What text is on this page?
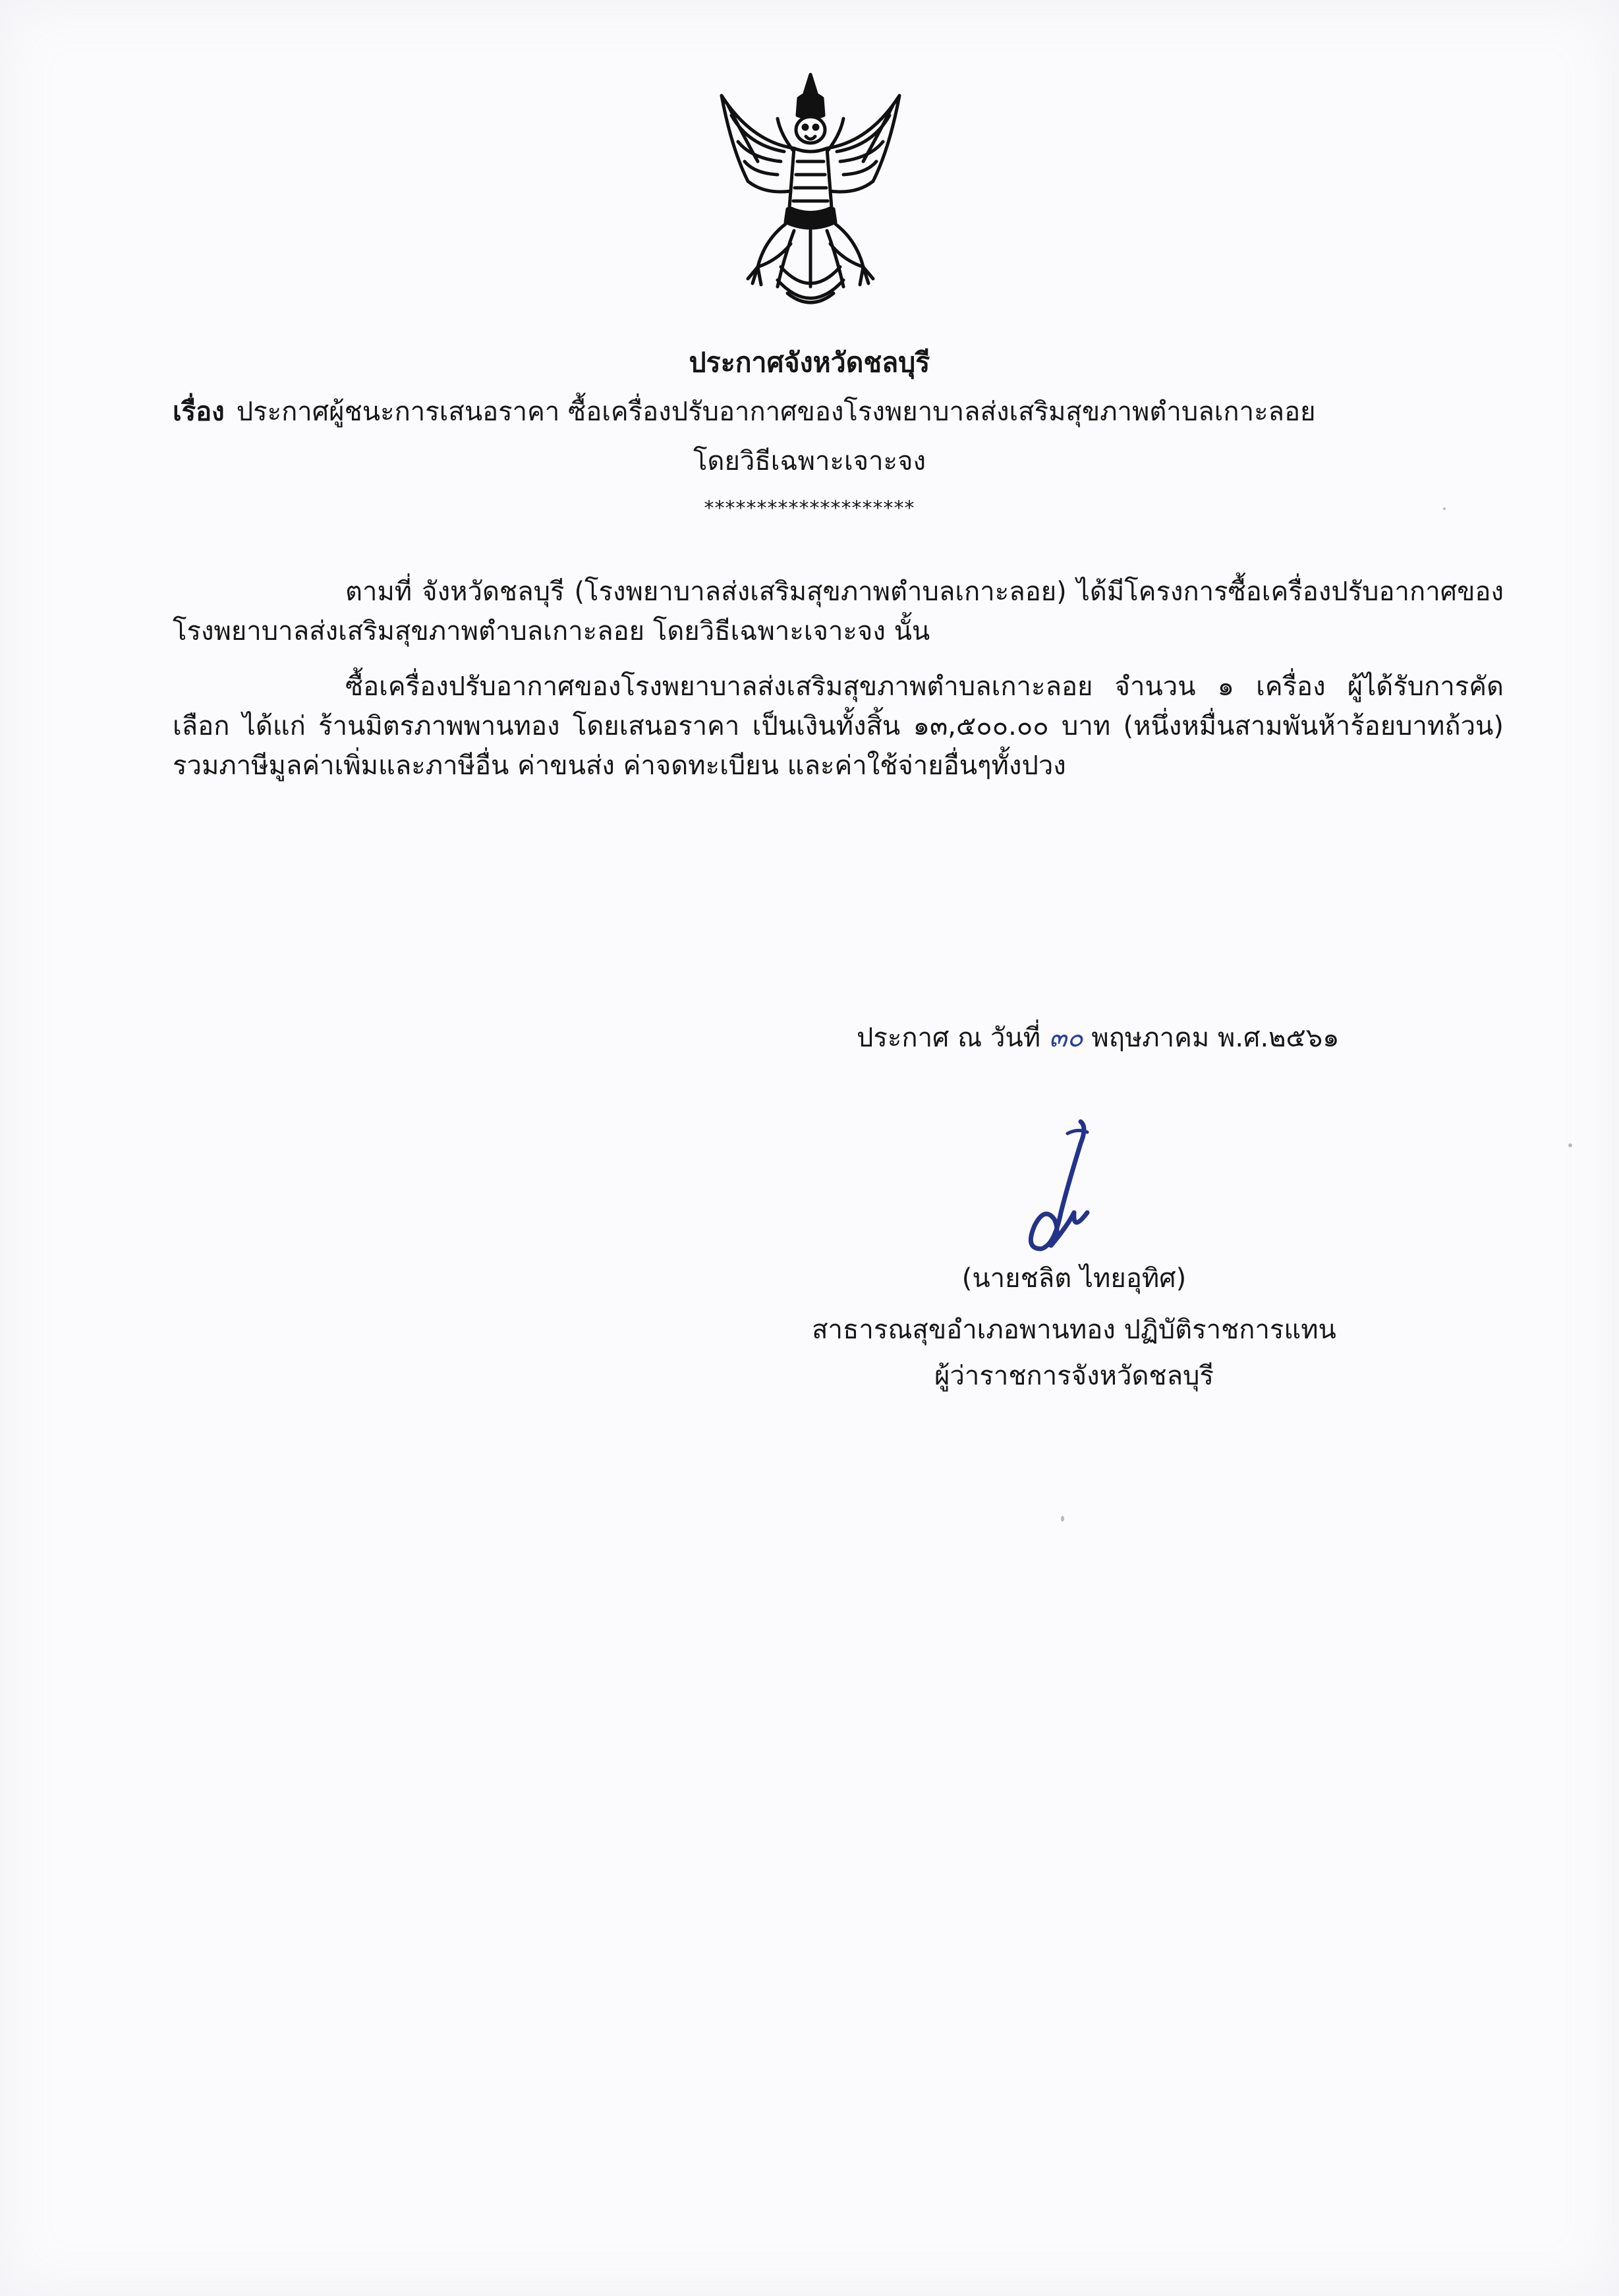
ประกาศจังหวัดชลบุรี
เรื่อง ประกาศผู้ชนะการเสนอราคา ซื้อเครื่องปรับอากาศของโรงพยาบาลส่งเสริมสุขภาพตำบลเกาะลอย
โดยวิธีเฉพาะเจาะจง
********************
ตามที่ จังหวัดชลบุรี (โรงพยาบาลส่งเสริมสุขภาพตำบลเกาะลอย) ได้มีโครงการซื้อเครื่องปรับอากาศของโรงพยาบาลส่งเสริมสุขภาพตำบลเกาะลอย โดยวิธีเฉพาะเจาะจง นั้น
ซื้อเครื่องปรับอากาศของโรงพยาบาลส่งเสริมสุขภาพตำบลเกาะลอย จำนวน ๑ เครื่อง ผู้ได้รับการคัดเลือก ได้แก่ ร้านมิตรภาพพานทอง โดยเสนอราคา เป็นเงินทั้งสิ้น ๑๓,๕๐๐.๐๐ บาท (หนึ่งหมื่นสามพันห้าร้อยบาทถ้วน) รวมภาษีมูลค่าเพิ่มและภาษีอื่น ค่าขนส่ง ค่าจดทะเบียน และค่าใช้จ่ายอื่นๆทั้งปวง
ประกาศ ณ วันที่ ๓๐ พฤษภาคม พ.ศ.๒๕๖๑
(นายชลิต ไทยอุทิศ)
สาธารณสุขอำเภอพานทอง ปฏิบัติราชการแทน
ผู้ว่าราชการจังหวัดชลบุรี
